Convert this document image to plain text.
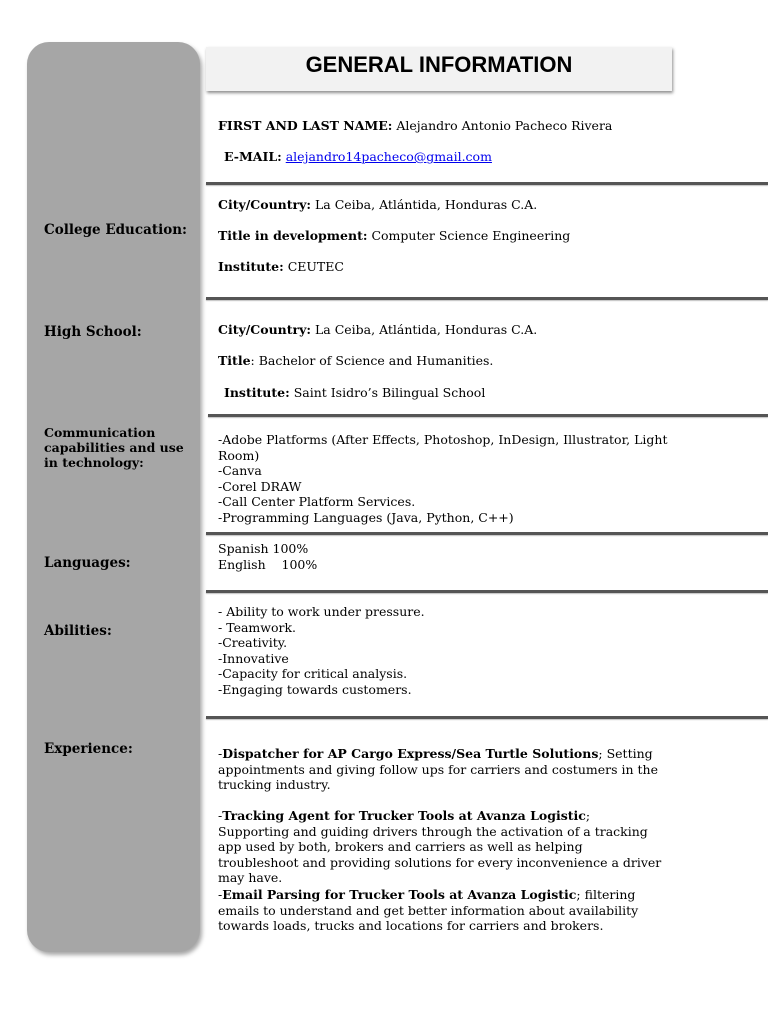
College Education:
High School:
Communication capabilities and use in technology:
Languages:
Abilities:
Experience:
GENERAL INFORMATION
FIRST AND LAST NAME: Alejandro Antonio Pacheco Rivera
E-MAIL: alejandro14pacheco@gmail.com
City/Country: La Ceiba, Atlántida, Honduras C.A.
Title in development: Computer Science Engineering
Institute: CEUTEC
City/Country: La Ceiba, Atlántida, Honduras C.A.
Title: Bachelor of Science and Humanities.
Institute: Saint Isidro’s Bilingual School
-Adobe Platforms (After Effects, Photoshop, InDesign, Illustrator, Light
Room)
-Canva
-Corel DRAW
-Call Center Platform Services.
-Programming Languages (Java, Python, C++)
Spanish 100%
English    100%
- Ability to work under pressure.
- Teamwork.
-Creativity.
-Innovative
-Capacity for critical analysis.
-Engaging towards customers.
-Dispatcher for AP Cargo Express/Sea Turtle Solutions; Setting appointments and giving follow ups for carriers and costumers in the trucking industry.
-Tracking Agent for Trucker Tools at Avanza Logistic; Supporting and guiding drivers through the activation of a tracking app used by both, brokers and carriers as well as helping troubleshoot and providing solutions for every inconvenience a driver may have.
-Email Parsing for Trucker Tools at Avanza Logistic; filtering emails to understand and get better information about availability towards loads, trucks and locations for carriers and brokers.
